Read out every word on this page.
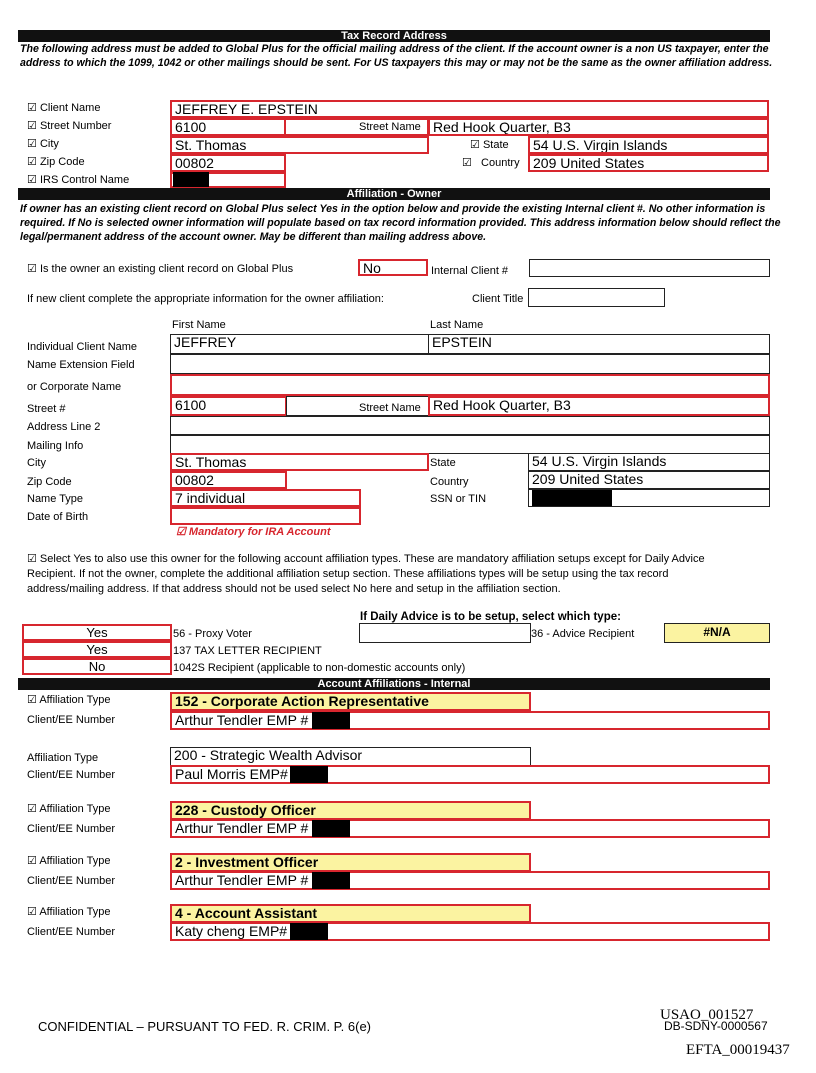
Tax Record Address
The following address must be added to Global Plus for the official mailing address of the client. If the account owner is a non US taxpayer, enter the address to which the 1099, 1042 or other mailings should be sent. For US taxpayers this may or may not be the same as the owner affiliation address.
☑ Client Name	JEFFREY E. EPSTEIN
☑ Street Number	6100	Street Name Red Hook Quarter, B3
☑ City	St. Thomas	☑ State	54 U.S. Virgin Islands
☑ Zip Code	00802	☑ Country 209 United States
☑ IRS Control Name
Affiliation - Owner
If owner has an existing client record on Global Plus select Yes in the option below and provide the existing Internal client #. No other information is required. If No is selected owner information will populate based on tax record information provided. This address information below should reflect the legal/permanent address of the account owner. May be different than mailing address above.
☑ Is the owner an existing client record on Global Plus	No	Internal Client #
If new client complete the appropriate information for the owner affiliation:	Client Title
First Name	Last Name
Individual Client Name	JEFFREY	EPSTEIN
Name Extension Field
or Corporate Name
Street #	6100	Street Name Red Hook Quarter, B3
Address Line 2
Mailing Info
City	St. Thomas	State	54 U.S. Virgin Islands
Zip Code	00802	Country	209 United States
Name Type	7 individual	SSN or TIN
Date of Birth
☑ Mandatory for IRA Account
☑ Select Yes to also use this owner for the following account affiliation types. These are mandatory affiliation setups except for Daily Advice Recipient. If not the owner, complete the additional affiliation setup section. These affiliations types will be setup using the tax record address/mailing address. If that address should not be used select No here and setup in the affiliation section.
If Daily Advice is to be setup, select which type:
Yes	56 - Proxy Voter	36 - Advice Recipient	#N/A
Yes	137 TAX LETTER RECIPIENT
No	1042S Recipient (applicable to non-domestic accounts only)
Account Affiliations - Internal
☑ Affiliation Type	152 - Corporate Action Representative
Client/EE Number	Arthur Tendler EMP #
Affiliation Type	200 - Strategic Wealth Advisor
Client/EE Number	Paul Morris EMP#
☑ Affiliation Type	228 - Custody Officer
Client/EE Number	Arthur Tendler EMP #
☑ Affiliation Type	2 - Investment Officer
Client/EE Number	Arthur Tendler EMP #
☑ Affiliation Type	4 - Account Assistant
Client/EE Number	Katy cheng EMP#
CONFIDENTIAL – PURSUANT TO FED. R. CRIM. P. 6(e)
USAO_001527
DB-SDNY-0000567
EFTA_00019437
